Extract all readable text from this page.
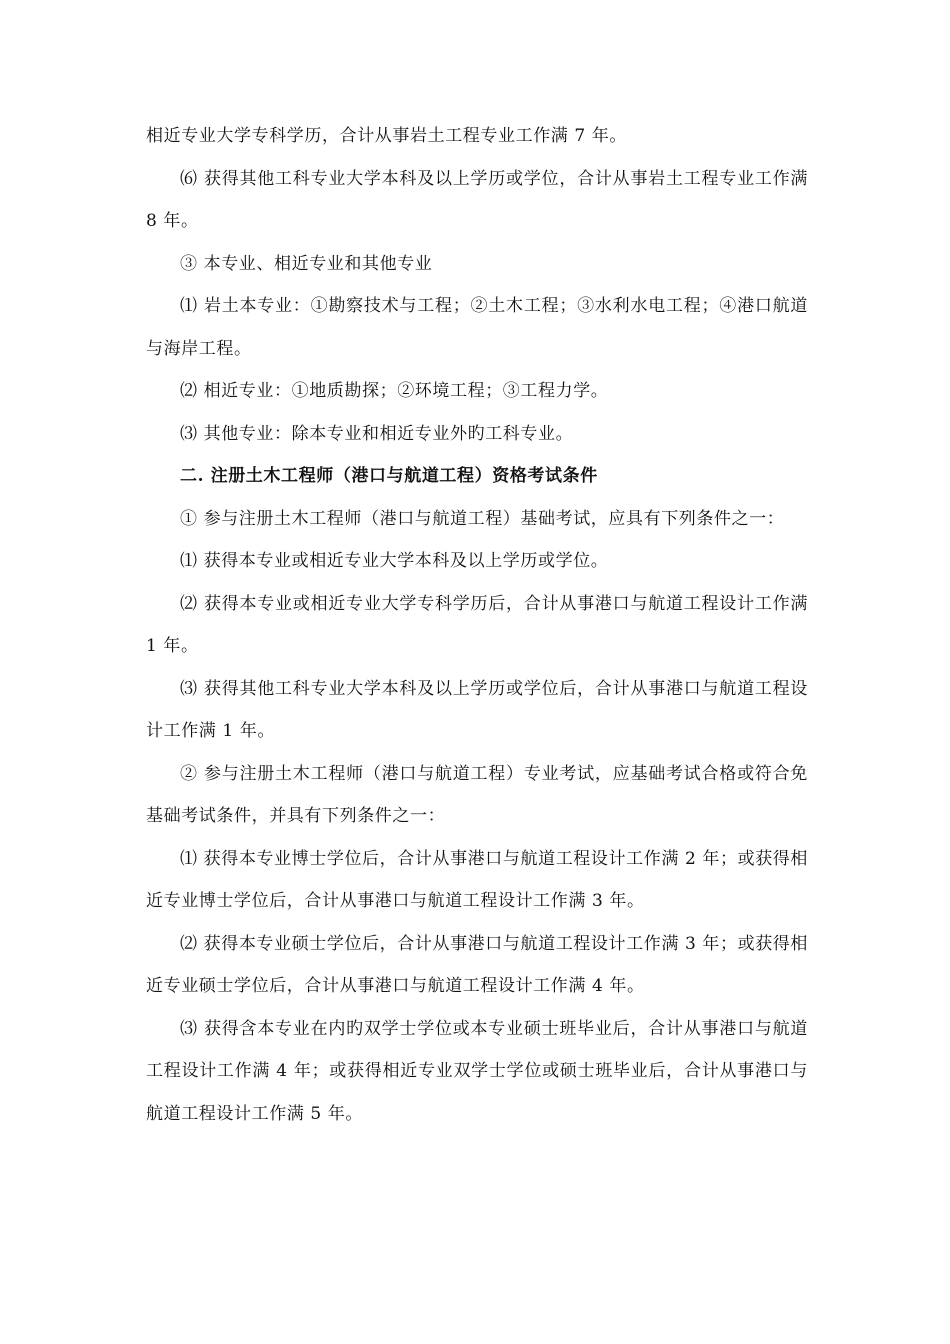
相近专业大学专科学历，合计从事岩土工程专业工作满 7 年。

⑹ 获得其他工科专业大学本科及以上学历或学位，合计从事岩土工程专业工作满 8 年。

③ 本专业、相近专业和其他专业

⑴ 岩土本专业：①勘察技术与工程；②土木工程；③水利水电工程；④港口航道与海岸工程。

⑵ 相近专业：①地质勘探；②环境工程；③工程力学。

⑶ 其他专业：除本专业和相近专业外旳工科专业。

二. 注册土木工程师（港口与航道工程）资格考试条件

① 参与注册土木工程师（港口与航道工程）基础考试，应具有下列条件之一：

⑴ 获得本专业或相近专业大学本科及以上学历或学位。

⑵ 获得本专业或相近专业大学专科学历后，合计从事港口与航道工程设计工作满 1 年。

⑶ 获得其他工科专业大学本科及以上学历或学位后，合计从事港口与航道工程设计工作满 1 年。

② 参与注册土木工程师（港口与航道工程）专业考试，应基础考试合格或符合免基础考试条件，并具有下列条件之一：

⑴ 获得本专业博士学位后，合计从事港口与航道工程设计工作满 2 年；或获得相近专业博士学位后，合计从事港口与航道工程设计工作满 3 年。

⑵ 获得本专业硕士学位后，合计从事港口与航道工程设计工作满 3 年；或获得相近专业硕士学位后，合计从事港口与航道工程设计工作满 4 年。

⑶ 获得含本专业在内旳双学士学位或本专业硕士班毕业后，合计从事港口与航道工程设计工作满 4 年；或获得相近专业双学士学位或硕士班毕业后，合计从事港口与航道工程设计工作满 5 年。
